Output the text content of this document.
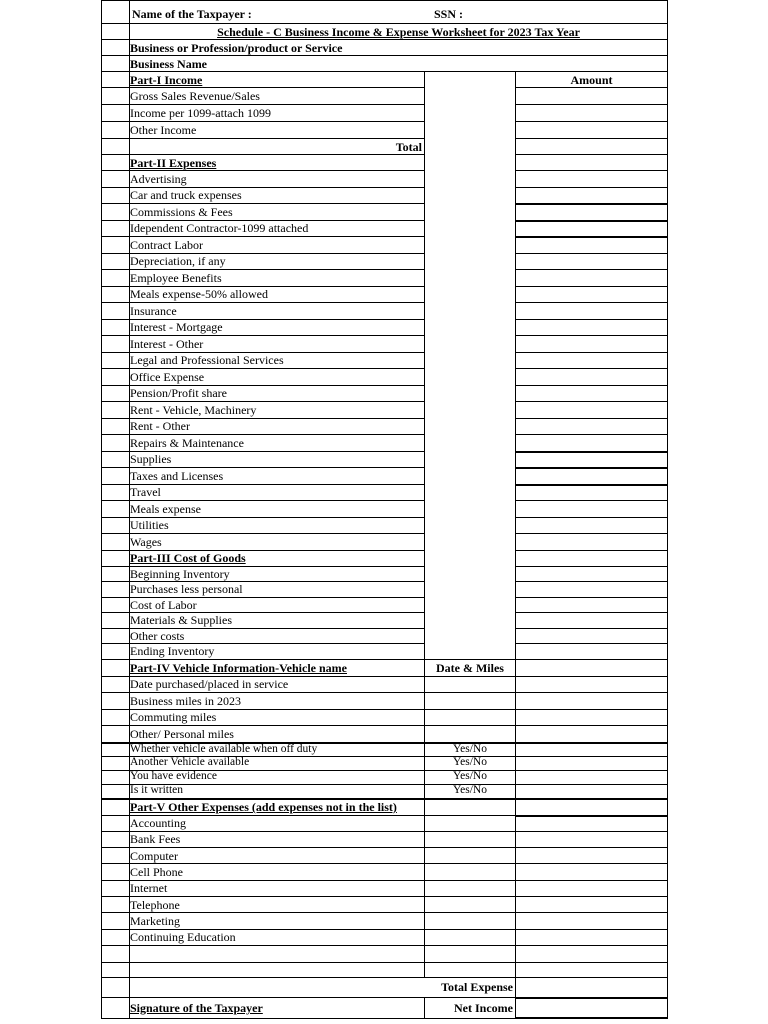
Name of the Taxpayer :	SSN :
Schedule - C Business Income & Expense Worksheet for 2023 Tax Year
Business or Profession/product or Service
Business Name
Part-I Income	Amount
Gross Sales Revenue/Sales
Income per 1099-attach 1099
Other Income
Total
Part-II Expenses
Advertising
Car and truck expenses
Commissions & Fees
Idependent Contractor-1099 attached
Contract Labor
Depreciation, if any
Employee Benefits
Meals expense-50% allowed
Insurance
Interest - Mortgage
Interest - Other
Legal and Professional Services
Office Expense
Pension/Profit share
Rent - Vehicle, Machinery
Rent - Other
Repairs & Maintenance
Supplies
Taxes and Licenses
Travel
Meals expense
Utilities
Wages
Part-III Cost of Goods
Beginning Inventory
Purchases less personal
Cost of Labor
Materials & Supplies
Other costs
Ending Inventory
Part-IV Vehicle Information-Vehicle name	Date & Miles
Date purchased/placed in service
Business miles in 2023
Commuting miles
Other/ Personal miles
Whether vehicle available when off duty	Yes/No
Another Vehicle available	Yes/No
You have evidence	Yes/No
Is it written	Yes/No
Part-V Other Expenses (add expenses not in the list)
Accounting
Bank Fees
Computer
Cell Phone
Internet
Telephone
Marketing
Continuing Education
Total Expense
Signature of the Taxpayer	Net Income
